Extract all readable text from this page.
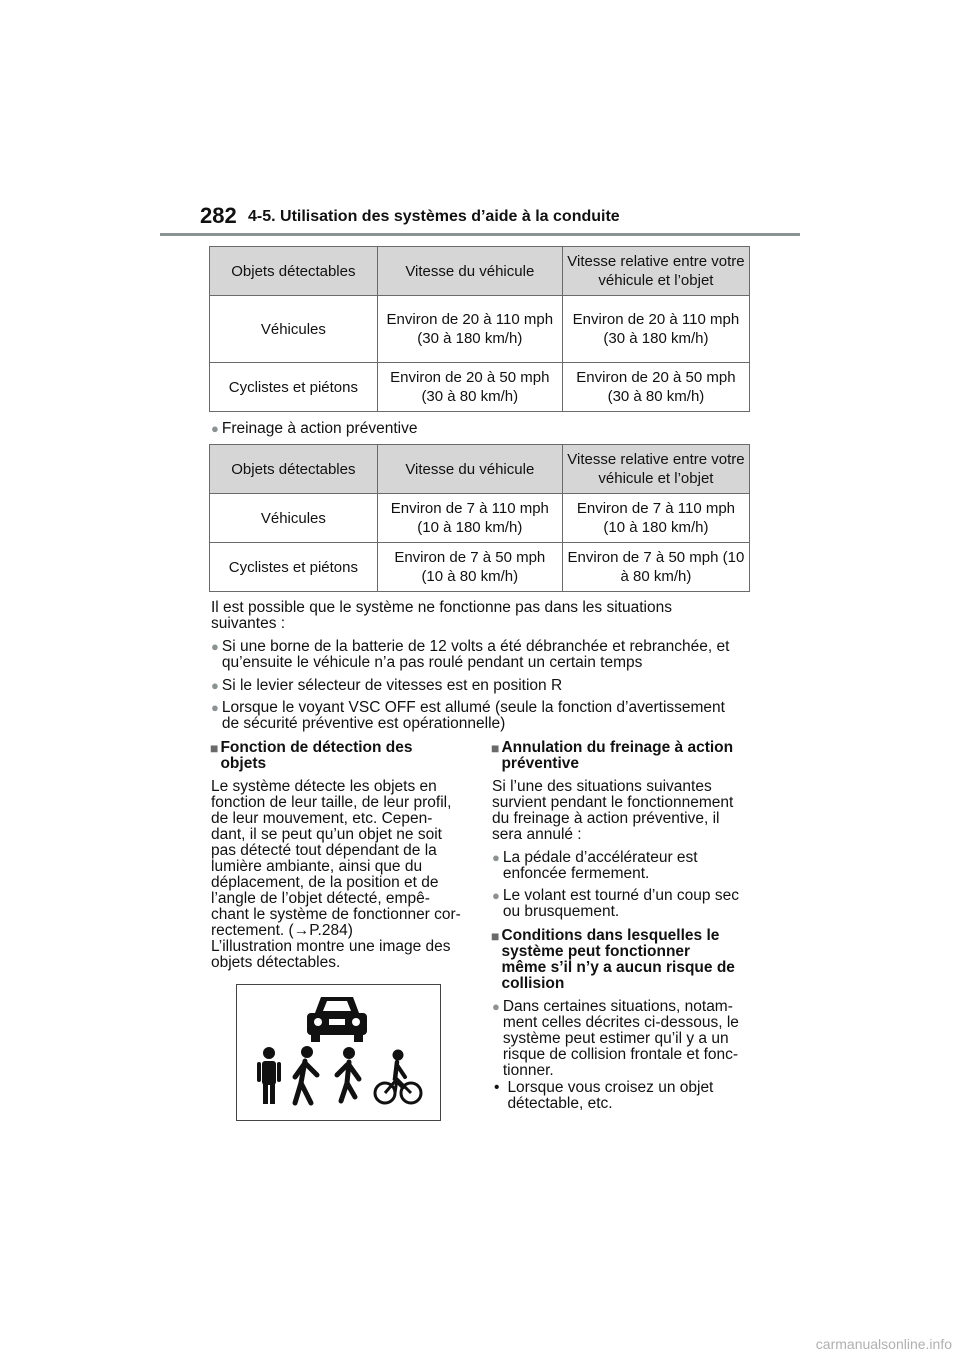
282 4-5. Utilisation des systèmes d’aide à la conduite
Objets détectables	Vitesse du véhicule	Vitesse relative entre votre véhicule et l’objet
Véhicules	Environ de 20 à 110 mph (30 à 180 km/h)	Environ de 20 à 110 mph (30 à 180 km/h)
Cyclistes et piétons	Environ de 20 à 50 mph (30 à 80 km/h)	Environ de 20 à 50 mph (30 à 80 km/h)
● Freinage à action préventive
Objets détectables	Vitesse du véhicule	Vitesse relative entre votre véhicule et l’objet
Véhicules	Environ de 7 à 110 mph (10 à 180 km/h)	Environ de 7 à 110 mph (10 à 180 km/h)
Cyclistes et piétons	Environ de 7 à 50 mph (10 à 80 km/h)	Environ de 7 à 50 mph (10 à 80 km/h)
Il est possible que le système ne fonctionne pas dans les situations
suivantes :
● Si une borne de la batterie de 12 volts a été débranchée et rebranchée, et
qu’ensuite le véhicule n’a pas roulé pendant un certain temps
● Si le levier sélecteur de vitesses est en position R
● Lorsque le voyant VSC OFF est allumé (seule la fonction d’avertissement
de sécurité préventive est opérationnelle)
■ Fonction de détection des
objets
Le système détecte les objets en
fonction de leur taille, de leur profil,
de leur mouvement, etc. Cepen-
dant, il se peut qu’un objet ne soit
pas détecté tout dépendant de la
lumière ambiante, ainsi que du
déplacement, de la position et de
l’angle de l’objet détecté, empê-
chant le système de fonctionner cor-
rectement. (→P.284)
L’illustration montre une image des
objets détectables.
■ Annulation du freinage à action
préventive
Si l’une des situations suivantes
survient pendant le fonctionnement
du freinage à action préventive, il
sera annulé :
● La pédale d’accélérateur est
enfoncée fermement.
● Le volant est tourné d’un coup sec
ou brusquement.
■ Conditions dans lesquelles le
système peut fonctionner
même s’il n’y a aucun risque de
collision
● Dans certaines situations, notam-
ment celles décrites ci-dessous, le
système peut estimer qu’il y a un
risque de collision frontale et fonc-
tionner.
• Lorsque vous croisez un objet
détectable, etc.
carmanualsonline.info
